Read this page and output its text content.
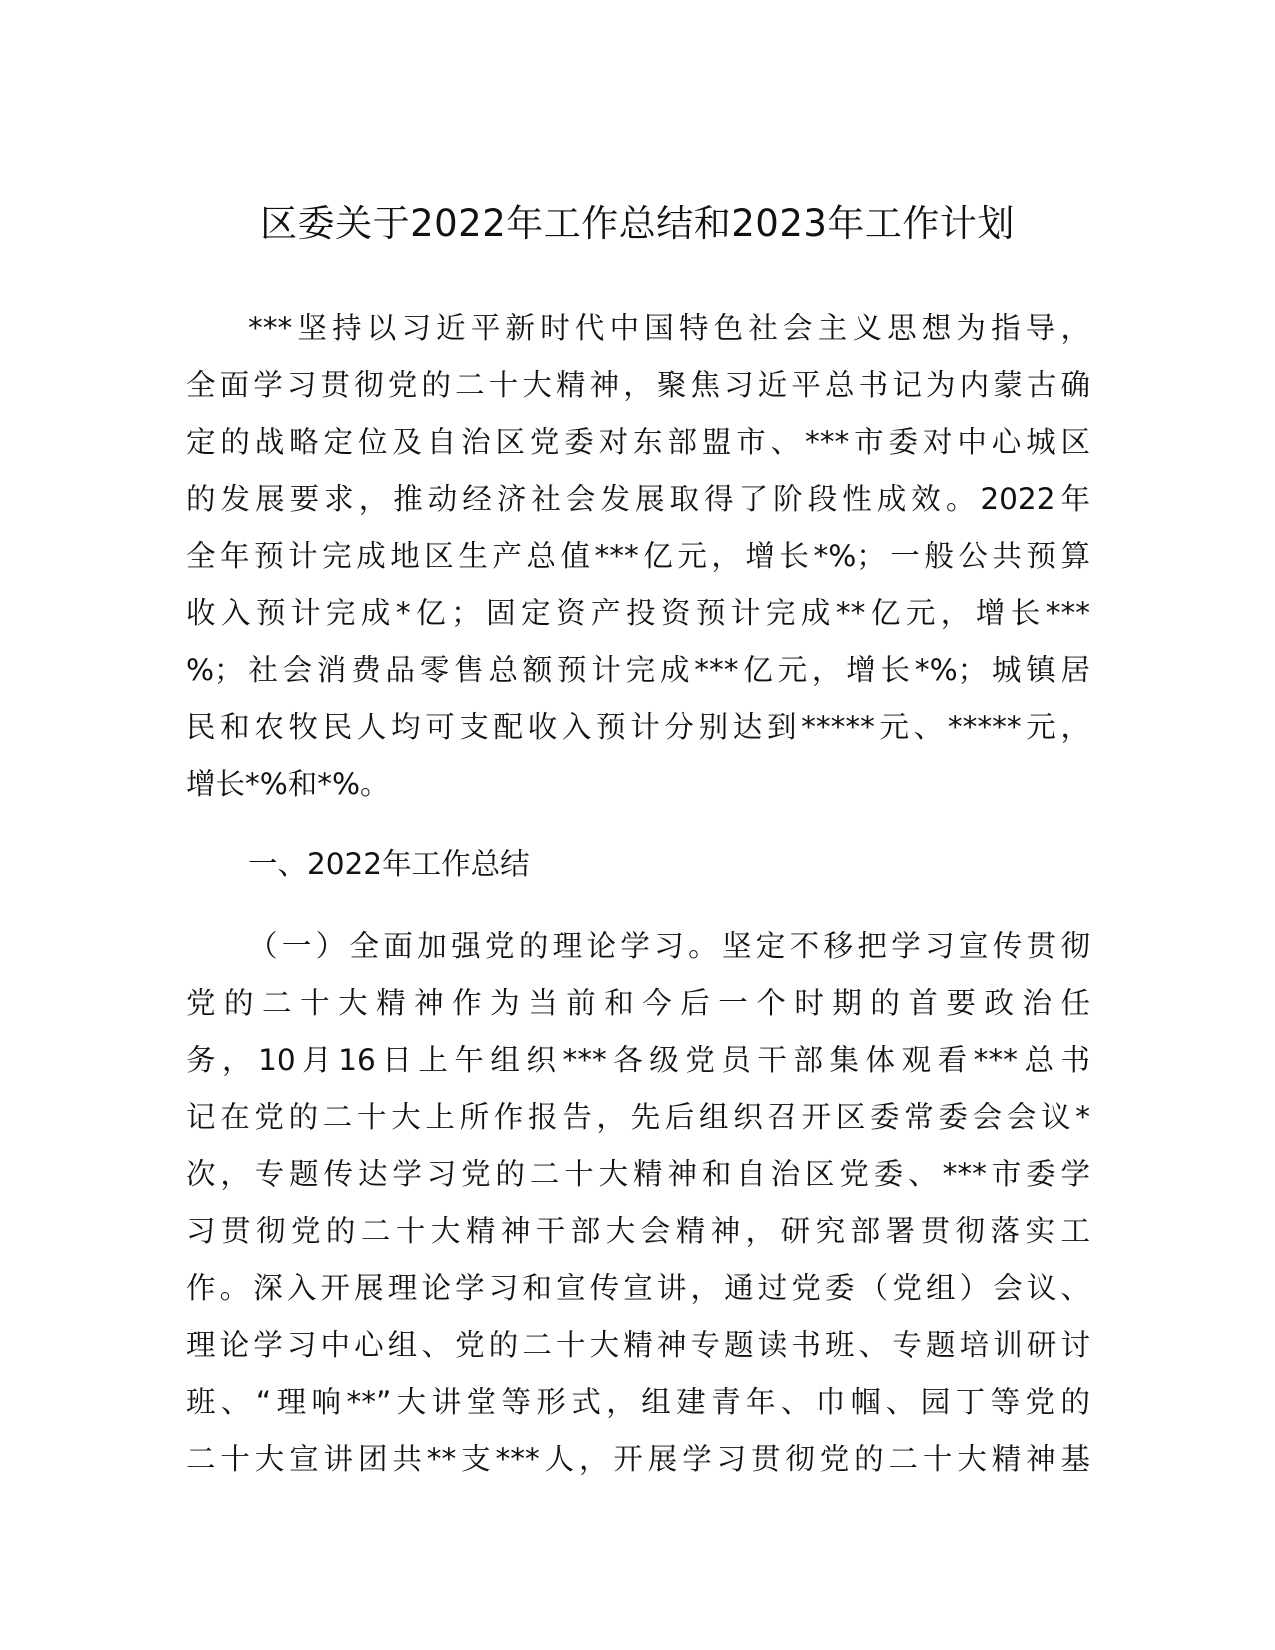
区委关于2022年工作总结和2023年工作计划
***坚持以习近平新时代中国特色社会主义思想为指导，
全面学习贯彻党的二十大精神，聚焦习近平总书记为内蒙古确
定的战略定位及自治区党委对东部盟市、***市委对中心城区
的发展要求，推动经济社会发展取得了阶段性成效。2022年
全年预计完成地区生产总值***亿元，增长*%；一般公共预算
收入预计完成*亿；固定资产投资预计完成**亿元，增长***
%；社会消费品零售总额预计完成***亿元，增长*%；城镇居
民和农牧民人均可支配收入预计分别达到*****元、*****元，
增长*%和*%。
一、2022年工作总结
（一）全面加强党的理论学习。坚定不移把学习宣传贯彻
党的二十大精神作为当前和今后一个时期的首要政治任
务，10月16日上午组织***各级党员干部集体观看***总书
记在党的二十大上所作报告，先后组织召开区委常委会会议*
次，专题传达学习党的二十大精神和自治区党委、***市委学
习贯彻党的二十大精神干部大会精神，研究部署贯彻落实工
作。深入开展理论学习和宣传宣讲，通过党委（党组）会议、
理论学习中心组、党的二十大精神专题读书班、专题培训研讨
班、“理响**”大讲堂等形式，组建青年、巾帼、园丁等党的
二十大宣讲团共**支***人，开展学习贯彻党的二十大精神基
